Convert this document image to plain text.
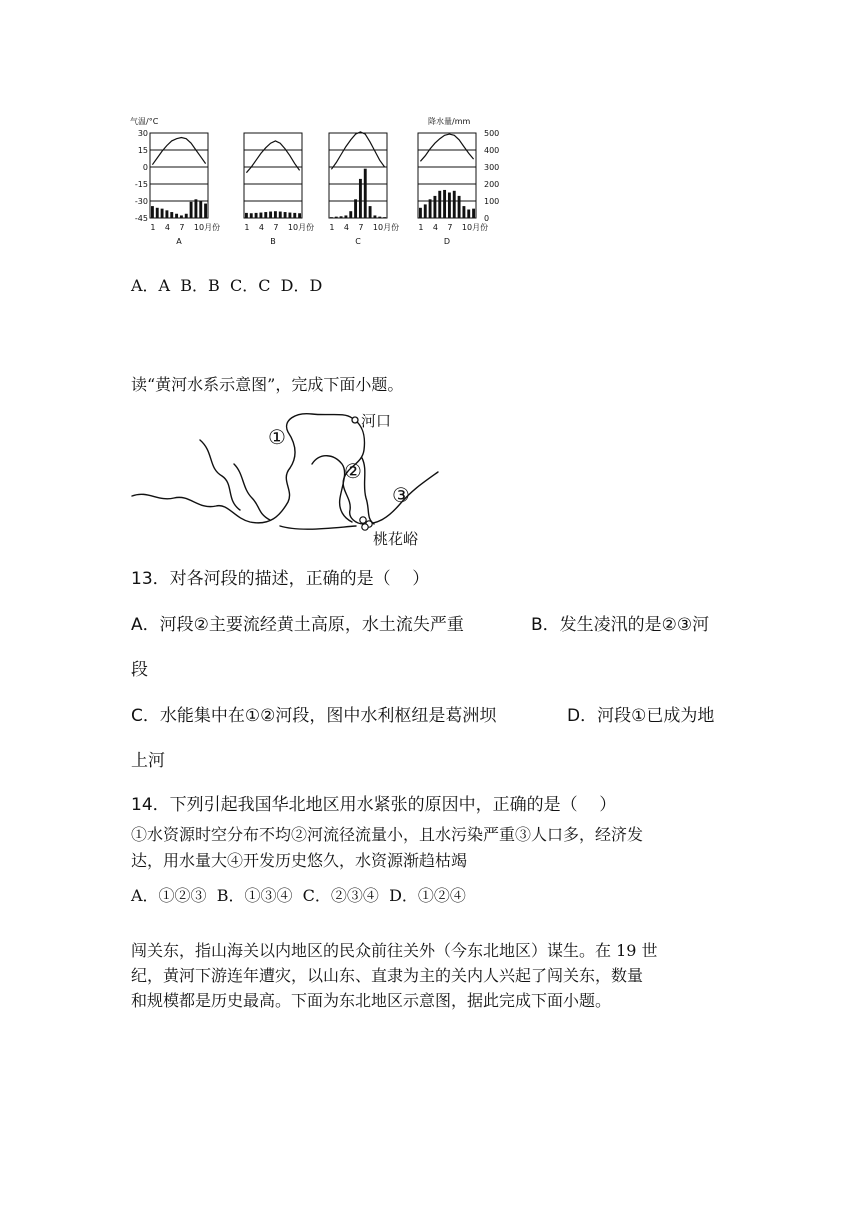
气温/°C	降水量/mm
30
15
0
-15
-30
-45
500
400
300
200
100
0
1 4 7 10月份
A
1 4 7 10月份
B
1 4 7 10月份
C
1 4 7 10月份
D
A．A  B．B  C．C  D．D
读“黄河水系示意图”，完成下面小题。
河口
桃花峪
①
②
③
13．对各河段的描述，正确的是（    ）
A．河段②主要流经黄土高原，水土流失严重	B．发生凌汛的是②③河
段
C．水能集中在①②河段，图中水利枢纽是葛洲坝	D．河段①已成为地
上河
14．下列引起我国华北地区用水紧张的原因中，正确的是（    ）
①水资源时空分布不均②河流径流量小，且水污染严重③人口多，经济发
达，用水量大④开发历史悠久，水资源渐趋枯竭
A．①②③  B．①③④  C．②③④  D．①②④
闯关东，指山海关以内地区的民众前往关外（今东北地区）谋生。在 19 世
纪，黄河下游连年遭灾，以山东、直隶为主的关内人兴起了闯关东，数量
和规模都是历史最高。下面为东北地区示意图，据此完成下面小题。
